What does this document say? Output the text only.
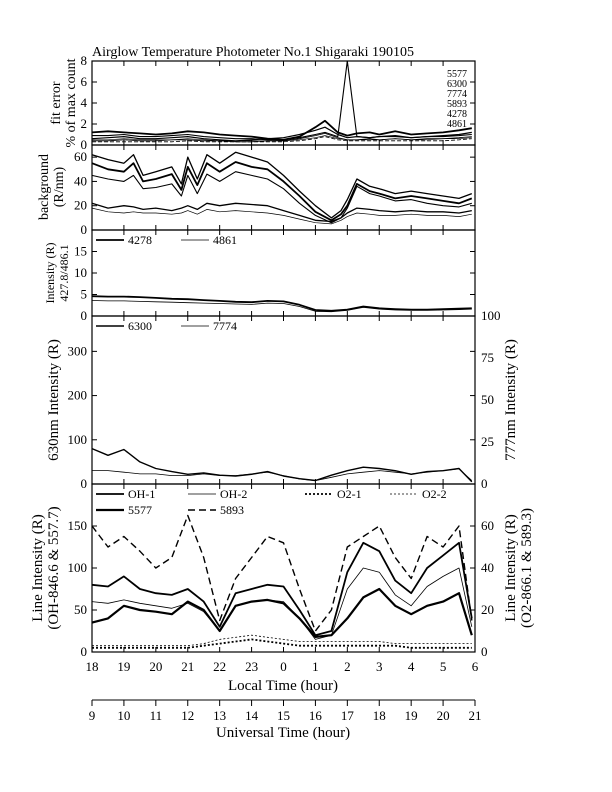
Airglow Temperature Photometer No.1 Shigaraki 190105
0
2
4
6
8
5577
6300
7774
5893
4278
4861
fit error % of max count
0
20
40
60
background (R/nm)
0
5
10
15
4278	4861
Intensity (R) 427.8/486.1
0
100
200
300
0
25
50
75
100
6300	7774
630nm Intensity (R)	777nm Intensity (R)
0
50
100
150
0
20
40
60
OH-1	OH-2	O2-1	O2-2
5577	5893
Line Intensity (R) (OH-846.6 & 557.7)	Line Intensity (R) (O2-866.1 & 589.3)
18 19 20 21 22 23 0 1 2 3 4 5 6
Local Time (hour)
9 10 11 12 13 14 15 16 17 18 19 20 21
Universal Time (hour)
